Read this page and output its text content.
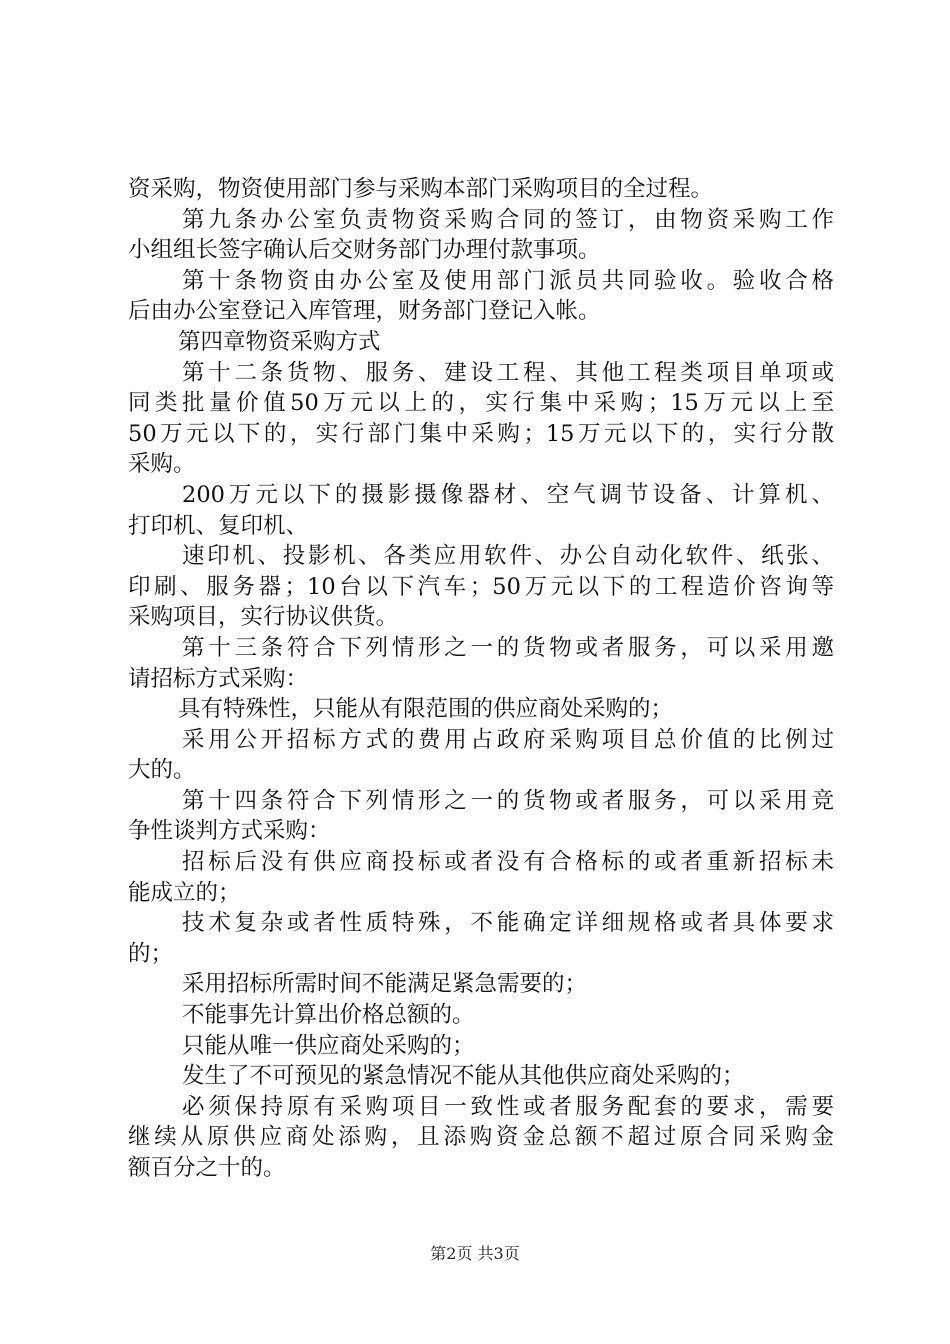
资采购，物资使用部门参与采购本部门采购项目的全过程。
第九条办公室负责物资采购合同的签订，由物资采购工作
小组组长签字确认后交财务部门办理付款事项。
第十条物资由办公室及使用部门派员共同验收。验收合格
后由办公室登记入库管理，财务部门登记入帐。
第四章物资采购方式
第十二条货物、服务、建设工程、其他工程类项目单项或
同类批量价值50万元以上的，实行集中采购；15万元以上至
50万元以下的，实行部门集中采购；15万元以下的，实行分散
采购。
200万元以下的摄影摄像器材、空气调节设备、计算机、
打印机、复印机、
速印机、投影机、各类应用软件、办公自动化软件、纸张、
印刷、服务器；10台以下汽车；50万元以下的工程造价咨询等
采购项目，实行协议供货。
第十三条符合下列情形之一的货物或者服务，可以采用邀
请招标方式采购：
具有特殊性，只能从有限范围的供应商处采购的；
采用公开招标方式的费用占政府采购项目总价值的比例过
大的。
第十四条符合下列情形之一的货物或者服务，可以采用竞
争性谈判方式采购：
招标后没有供应商投标或者没有合格标的或者重新招标未
能成立的；
技术复杂或者性质特殊，不能确定详细规格或者具体要求
的；
采用招标所需时间不能满足紧急需要的；
不能事先计算出价格总额的。
只能从唯一供应商处采购的；
发生了不可预见的紧急情况不能从其他供应商处采购的；
必须保持原有采购项目一致性或者服务配套的要求，需要
继续从原供应商处添购，且添购资金总额不超过原合同采购金
额百分之十的。
第2页 共3页
